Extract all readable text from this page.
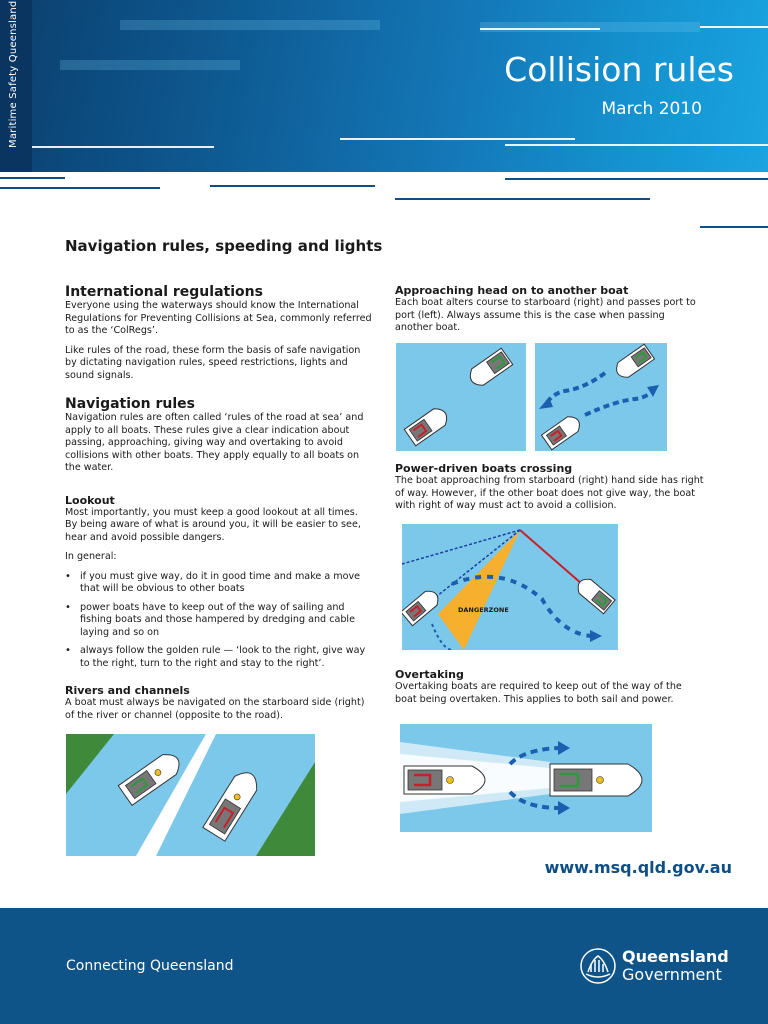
Maritime Safety Queensland	Collision rules
March 2010
Navigation rules, speeding and lights
International regulations

Everyone using the waterways should know the International Regulations for Preventing Collisions at Sea, commonly referred to as the ‘ColRegs’.

Like rules of the road, these form the basis of safe navigation by dictating navigation rules, speed restrictions, lights and sound signals.

Navigation rules

Navigation rules are often called ‘rules of the road at sea’ and apply to all boats. These rules give a clear indication about passing, approaching, giving way and overtaking to avoid collisions with other boats. They apply equally to all boats on the water.

Lookout

Most importantly, you must keep a good lookout at all times. By being aware of what is around you, it will be easier to see, hear and avoid possible dangers.

In general:

• if you must give way, do it in good time and make a move that will be obvious to other boats
• power boats have to keep out of the way of sailing and fishing boats and those hampered by dredging and cable laying and so on
• always follow the golden rule — ‘look to the right, give way to the right, turn to the right and stay to the right’.
Rivers and channels

A boat must always be navigated on the starboard side (right) of the river or channel (opposite to the road).

Approaching head on to another boat

Each boat alters course to starboard (right) and passes port to port (left). Always assume this is the case when passing another boat.

Power-driven boats crossing

The boat approaching from starboard (right) hand side has right of way. However, if the other boat does not give way, the boat with right of way must act to avoid a collision.

DANGERZONE
Overtaking

Overtaking boats are required to keep out of the way of the boat being overtaken. This applies to both sail and power.

www.msq.qld.gov.au
Connecting Queensland	Queensland
Government
